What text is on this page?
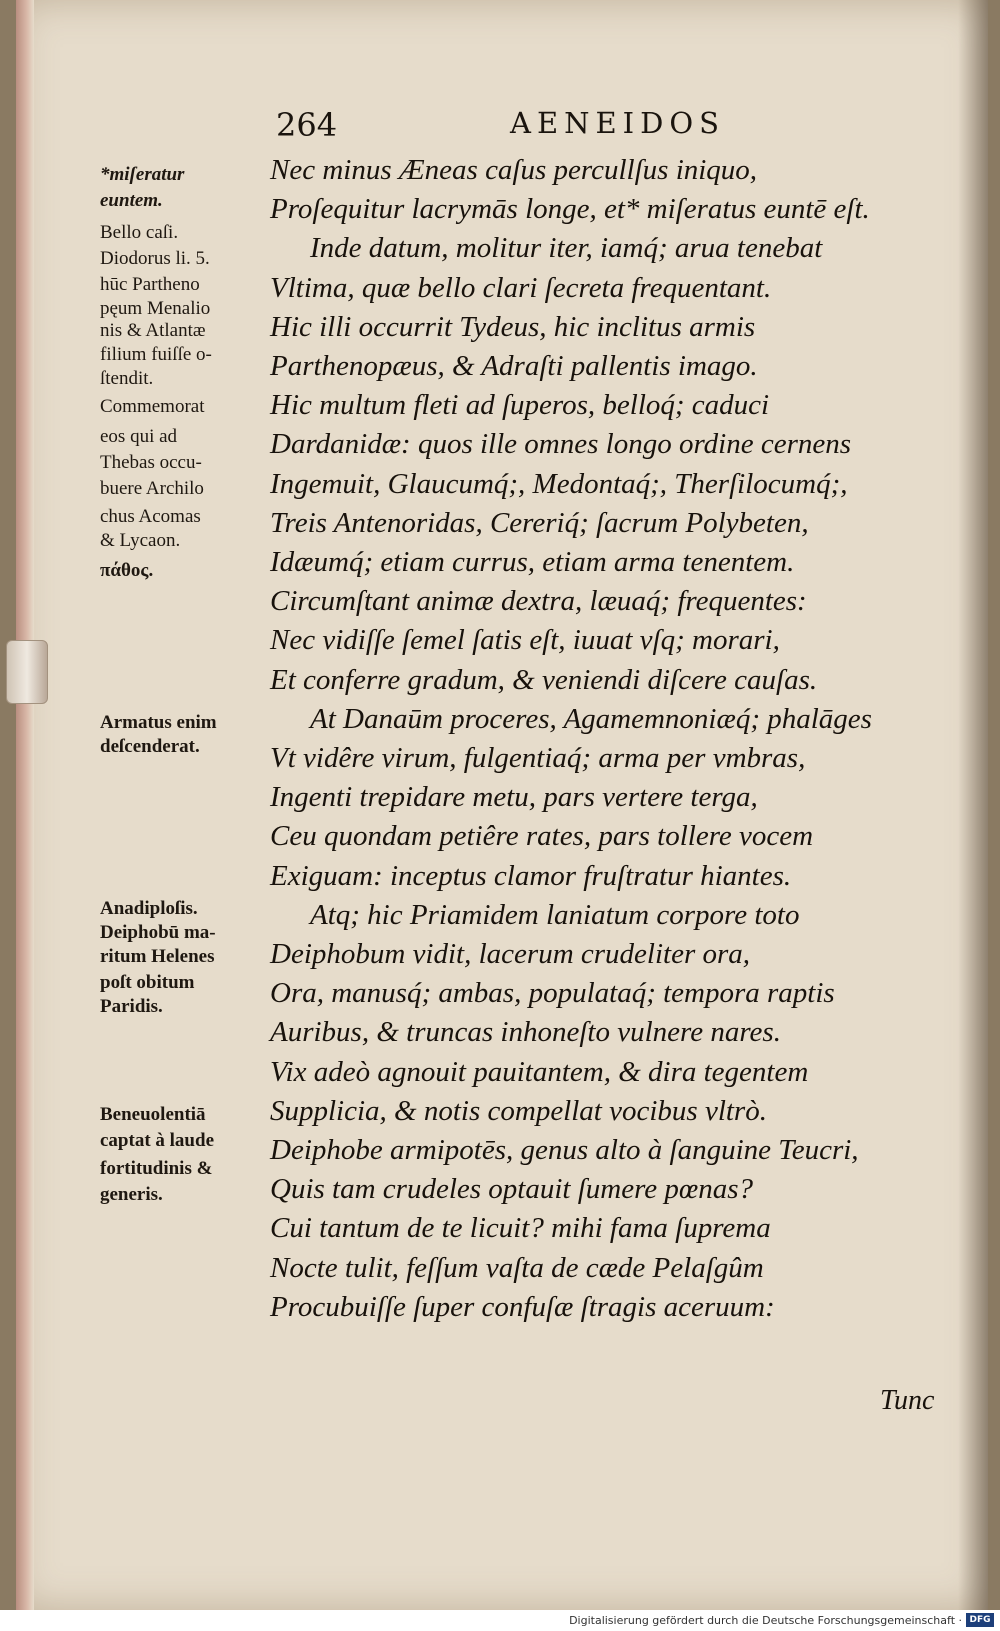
264	AENEIDOS
*miſeratur
euntem.
Bello caſi.
Diodorus li. 5.
hūc Partheno
pęum Menalio
nis & Atlantæ
filium fuiſſe o-
ſtendit.
Commemorat
eos qui ad
Thebas occu-
buere Archilo
chus Acomas
& Lycaon.
πάθος.
Armatus enim
deſcenderat.
Anadiploſis.
Deiphobū ma-
ritum Helenes
poſt obitum
Paridis.
Beneuolentiā
captat à laude
fortitudinis &
generis.
Nec minus Æneas caſus percullſus iniquo,
Proſequitur lacrymās longe, et* miſeratus euntē eſt.
Inde datum, molitur iter, iamq́; arua tenebat
Vltima, quæ bello clari ſecreta frequentant.
Hic illi occurrit Tydeus, hic inclitus armis
Parthenopæus, & Adraſti pallentis imago.
Hic multum fleti ad ſuperos, belloq́; caduci
Dardanidæ: quos ille omnes longo ordine cernens
Ingemuit, Glaucumq́;, Medontaq́;, Therſilocumq́;,
Treis Antenoridas, Cereriq́; ſacrum Polybeten,
Idæumq́; etiam currus, etiam arma tenentem.
Circumſtant animæ dextra, læuaq́; frequentes:
Nec vidiſſe ſemel ſatis eſt, iuuat vſq; morari,
Et conferre gradum, & veniendi diſcere cauſas.
At Danaūm proceres, Agamemnoniæq́; phalāges
Vt vidêre virum, fulgentiaq́; arma per vmbras,
Ingenti trepidare metu, pars vertere terga,
Ceu quondam petiêre rates, pars tollere vocem
Exiguam: inceptus clamor fruſtratur hiantes.
Atq; hic Priamidem laniatum corpore toto
Deiphobum vidit, lacerum crudeliter ora,
Ora, manusq́; ambas, populataq́; tempora raptis
Auribus, & truncas inhoneſto vulnere nares.
Vix adeò agnouit pauitantem, & dira tegentem
Supplicia, & notis compellat vocibus vltrò.
Deiphobe armipotēs, genus alto à ſanguine Teucri,
Quis tam crudeles optauit ſumere pœnas?
Cui tantum de te licuit? mihi fama ſuprema
Nocte tulit, feſſum vaſta de cæde Pelaſgûm
Procubuiſſe ſuper confuſæ ſtragis aceruum:
Tunc
Digitalisierung gefördert durch die Deutsche Forschungsgemeinschaft · DFG
